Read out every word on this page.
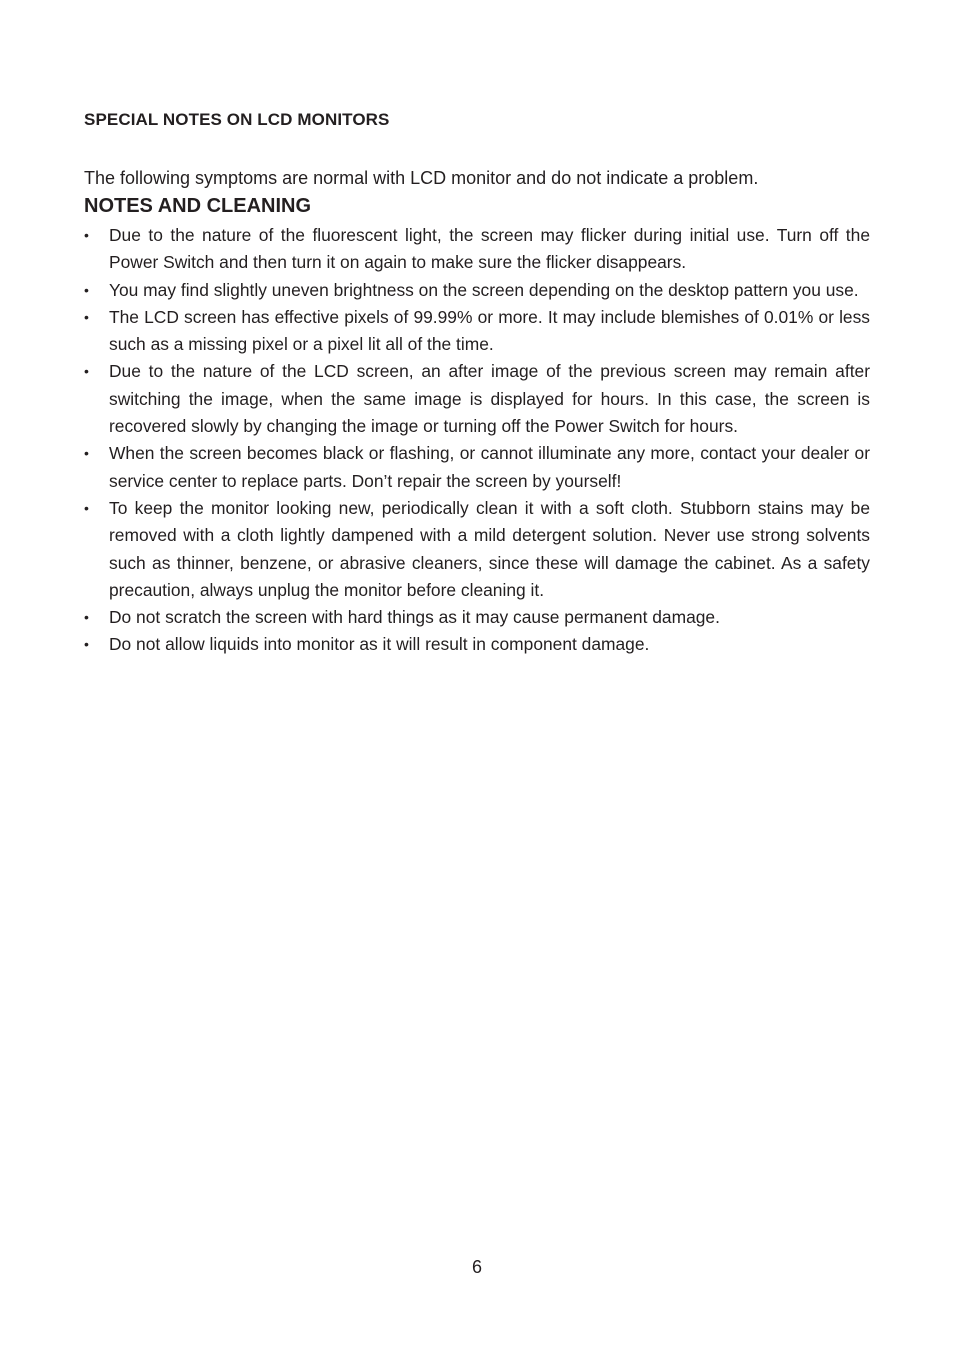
SPECIAL NOTES ON LCD MONITORS

The following symptoms are normal with LCD monitor and do not indicate a problem.

NOTES AND CLEANING
• Due to the nature of the fluorescent light, the screen may flicker during initial use. Turn off the Power Switch and then turn it on again to make sure the flicker disappears.
• You may find slightly uneven brightness on the screen depending on the desktop pattern you use.
• The LCD screen has effective pixels of 99.99% or more. It may include blemishes of 0.01% or less such as a missing pixel or a pixel lit all of the time.
• Due to the nature of the LCD screen, an after image of the previous screen may remain after switching the image, when the same image is displayed for hours. In this case, the screen is recovered slowly by changing the image or turning off the Power Switch for hours.
• When the screen becomes black or flashing, or cannot illuminate any more, contact your dealer or service center to replace parts. Don’t repair the screen by yourself!
• To keep the monitor looking new, periodically clean it with a soft cloth. Stubborn stains may be removed with a cloth lightly dampened with a mild detergent solution. Never use strong solvents such as thinner, benzene, or abrasive cleaners, since these will damage the cabinet. As a safety precaution, always unplug the monitor before cleaning it.
• Do not scratch the screen with hard things as it may cause permanent damage.
• Do not allow liquids into monitor as it will result in component damage.
6
